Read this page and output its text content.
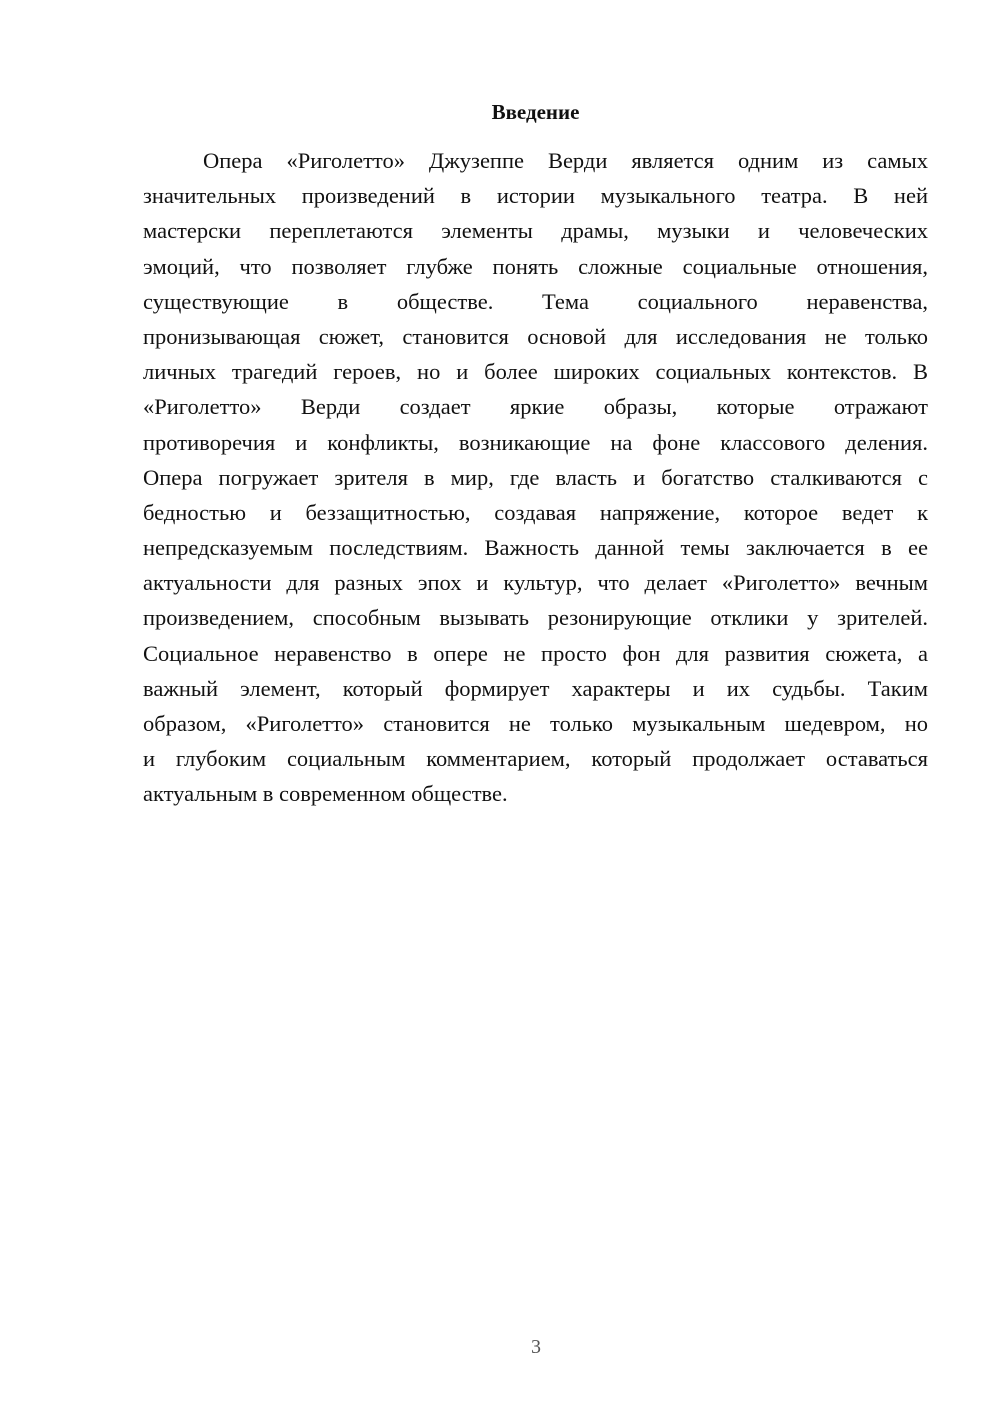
Введение
Опера «Риголетто» Джузеппе Верди является одним из самых
значительных произведений в истории музыкального театра. В ней
мастерски переплетаются элементы драмы, музыки и человеческих
эмоций, что позволяет глубже понять сложные социальные отношения,
существующие в обществе. Тема социального неравенства,
пронизывающая сюжет, становится основой для исследования не только
личных трагедий героев, но и более широких социальных контекстов. В
«Риголетто» Верди создает яркие образы, которые отражают
противоречия и конфликты, возникающие на фоне классового деления.
Опера погружает зрителя в мир, где власть и богатство сталкиваются с
бедностью и беззащитностью, создавая напряжение, которое ведет к
непредсказуемым последствиям. Важность данной темы заключается в ее
актуальности для разных эпох и культур, что делает «Риголетто» вечным
произведением, способным вызывать резонирующие отклики у зрителей.
Социальное неравенство в опере не просто фон для развития сюжета, а
важный элемент, который формирует характеры и их судьбы. Таким
образом, «Риголетто» становится не только музыкальным шедевром, но
и глубоким социальным комментарием, который продолжает оставаться
актуальным в современном обществе.
3
